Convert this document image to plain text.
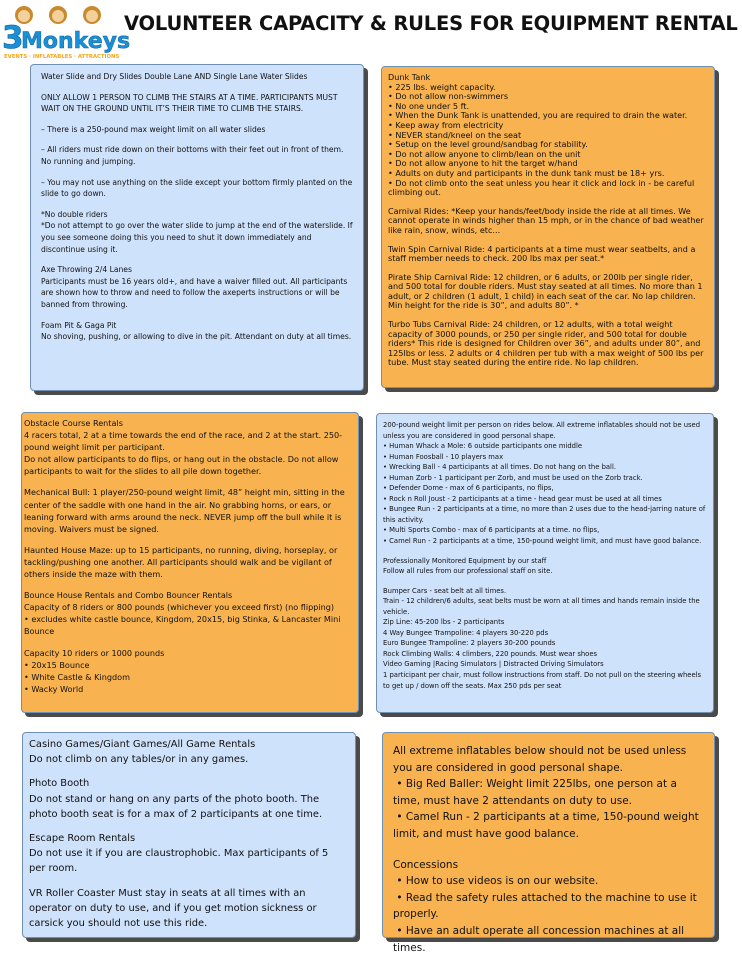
3
Monkeys
EVENTS · INFLATABLES · ATTRACTIONS
VOLUNTEER CAPACITY & RULES FOR EQUIPMENT RENTAL

Water Slide and Dry Slides Double Lane AND Single Lane Water Slides

ONLY ALLOW 1 PERSON TO CLIMB THE STAIRS AT A TIME. PARTICIPANTS MUST WAIT ON THE GROUND UNTIL IT’S THEIR TIME TO CLIMB THE STAIRS.

– There is a 250-pound max weight limit on all water slides

– All riders must ride down on their bottoms with their feet out in front of them. No running and jumping.

– You may not use anything on the slide except your bottom firmly planted on the slide to go down.

*No double riders

*Do not attempt to go over the water slide to jump at the end of the waterslide. If you see someone doing this you need to shut it down immediately and discontinue using it.

Axe Throwing 2/4 Lanes

Participants must be 16 years old+, and have a waiver filled out. All participants are shown how to throw and need to follow the axeperts instructions or will be banned from throwing.

Foam Pit & Gaga Pit

No shoving, pushing, or allowing to dive in the pit. Attendant on duty at all times.

Dunk Tank

• 225 lbs. weight capacity.

• Do not allow non-swimmers

• No one under 5 ft.

• When the Dunk Tank is unattended, you are required to drain the water.

• Keep away from electricity

• NEVER stand/kneel on the seat

• Setup on the level ground/sandbag for stability.

• Do not allow anyone to climb/lean on the unit

• Do not allow anyone to hit the target w/hand

• Adults on duty and participants in the dunk tank must be 18+ yrs.

• Do not climb onto the seat unless you hear it click and lock in - be careful climbing out.

Carnival Rides: *Keep your hands/feet/body inside the ride at all times. We cannot operate in winds higher than 15 mph, or in the chance of bad weather like rain, snow, winds, etc...

Twin Spin Carnival Ride: 4 participants at a time must wear seatbelts, and a staff member needs to check. 200 lbs max per seat.*

Pirate Ship Carnival Ride: 12 children, or 6 adults, or 200lb per single rider, and 500 total for double riders. Must stay seated at all times. No more than 1 adult, or 2 children (1 adult, 1 child) in each seat of the car. No lap children. Min height for the ride is 30”, and adults 80”. *

Turbo Tubs Carnival Ride: 24 children, or 12 adults, with a total weight capacity of 3000 pounds, or 250 per single rider, and 500 total for double riders* This ride is designed for Children over 36”, and adults under 80”, and 125lbs or less. 2 adults or 4 children per tub with a max weight of 500 lbs per tube. Must stay seated during the entire ride. No lap children.

Obstacle Course Rentals

4 racers total, 2 at a time towards the end of the race, and 2 at the start. 250-pound weight limit per participant.

Do not allow participants to do flips, or hang out in the obstacle. Do not allow participants to wait for the slides to all pile down together.

Mechanical Bull: 1 player/250-pound weight limit, 48” height min, sitting in the center of the saddle with one hand in the air. No grabbing horns, or ears, or leaning forward with arms around the neck. NEVER jump off the bull while it is moving. Waivers must be signed.

Haunted House Maze: up to 15 participants, no running, diving, horseplay, or tackling/pushing one another. All participants should walk and be vigilant of others inside the maze with them.

Bounce House Rentals and Combo Bouncer Rentals

Capacity of 8 riders or 800 pounds (whichever you exceed first) (no flipping)

• excludes white castle bounce, Kingdom, 20x15, big Stinka, & Lancaster Mini Bounce

Capacity 10 riders or 1000 pounds

• 20x15 Bounce

• White Castle & Kingdom

• Wacky World

200-pound weight limit per person on rides below. All extreme inflatables should not be used unless you are considered in good personal shape.

• Human Whack a Mole: 6 outside participants one middle

• Human Foosball - 10 players max

• Wrecking Ball - 4 participants at all times. Do not hang on the ball.

• Human Zorb - 1 participant per Zorb, and must be used on the Zorb track.

• Defender Dome - max of 6 participants, no flips,

• Rock n Roll Joust - 2 participants at a time - head gear must be used at all times

• Bungee Run - 2 participants at a time, no more than 2 uses due to the head-jarring nature of this activity.

• Multi Sports Combo - max of 6 participants at a time. no flips,

• Camel Run - 2 participants at a time, 150-pound weight limit, and must have good balance.

Professionally Monitored Equipment by our staff

Follow all rules from our professional staff on site.

Bumper Cars - seat belt at all times.

Train - 12 children/6 adults, seat belts must be worn at all times and hands remain inside the vehicle.

Zip Line: 45-200 lbs - 2 participants

4 Way Bungee Trampoline: 4 players 30-220 pds

Euro Bungee Trampoline: 2 players 30-200 pounds

Rock Climbing Walls: 4 climbers, 220 pounds. Must wear shoes

Video Gaming |Racing Simulators | Distracted Driving Simulators

1 participant per chair, must follow instructions from staff. Do not pull on the steering wheels to get up / down off the seats. Max 250 pds per seat

Casino Games/Giant Games/All Game Rentals

Do not climb on any tables/or in any games.

Photo Booth

Do not stand or hang on any parts of the photo booth. The photo booth seat is for a max of 2 participants at one time.

Escape Room Rentals

Do not use it if you are claustrophobic. Max participants of 5 per room.

VR Roller Coaster Must stay in seats at all times with an operator on duty to use, and if you get motion sickness or carsick you should not use this ride.

All extreme inflatables below should not be used unless you are considered in good personal shape.

• Big Red Baller: Weight limit 225lbs, one person at a time, must have 2 attendants on duty to use.

• Camel Run - 2 participants at a time, 150-pound weight limit, and must have good balance.

Concessions

• How to use videos is on our website.

• Read the safety rules attached to the machine to use it properly.

• Have an adult operate all concession machines at all times.
